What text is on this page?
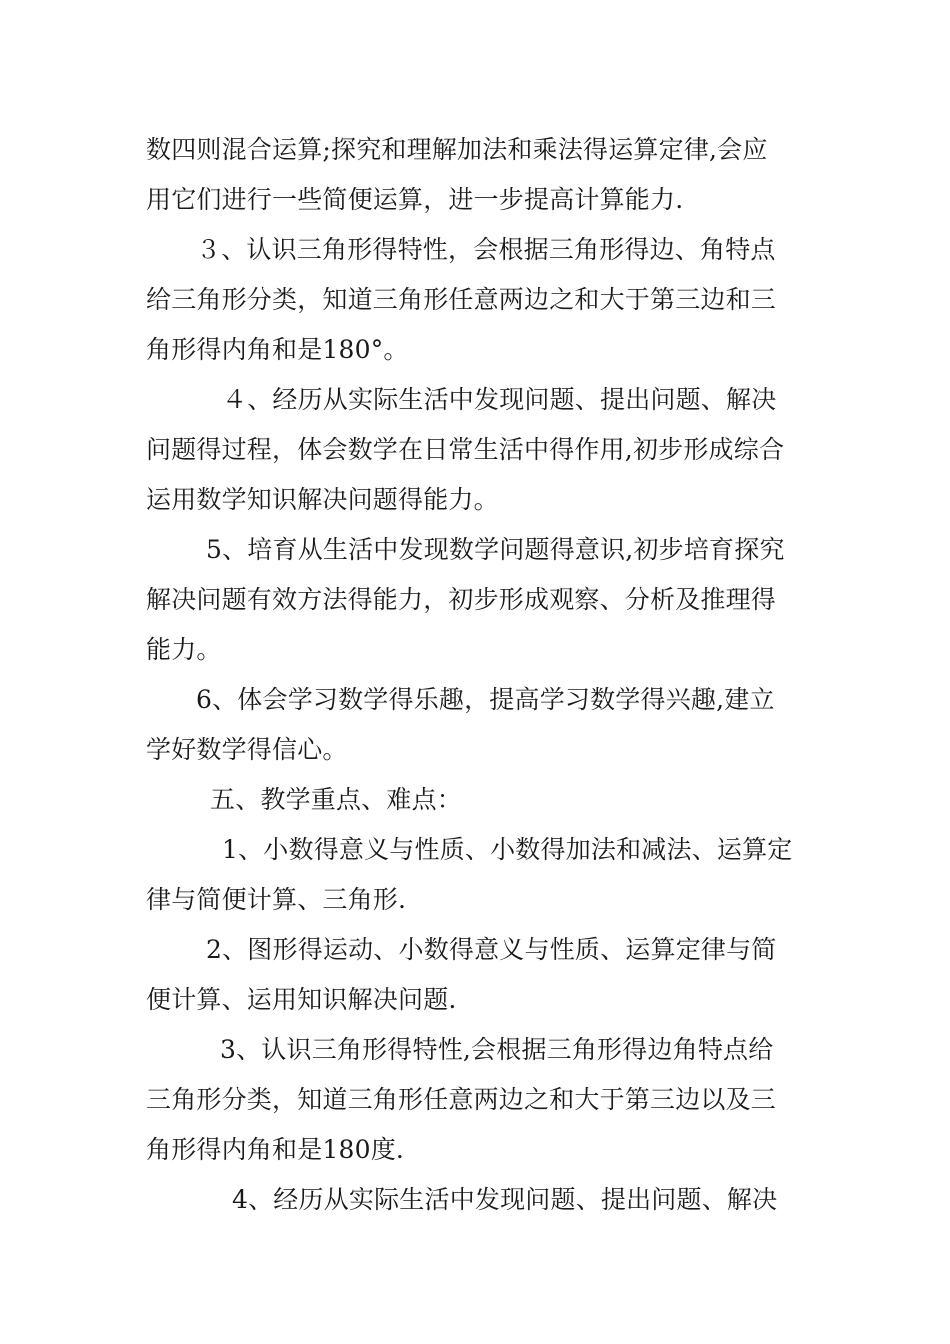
数四则混合运算;探究和理解加法和乘法得运算定律,会应
用它们进行一些简便运算，进一步提高计算能力.
３、认识三角形得特性，会根据三角形得边、角特点
给三角形分类，知道三角形任意两边之和大于第三边和三
角形得内角和是180°。
４、经历从实际生活中发现问题、提出问题、解决
问题得过程，体会数学在日常生活中得作用,初步形成综合
运用数学知识解决问题得能力。
5、培育从生活中发现数学问题得意识,初步培育探究
解决问题有效方法得能力，初步形成观察、分析及推理得
能力。
6、体会学习数学得乐趣，提高学习数学得兴趣,建立
学好数学得信心。
五、教学重点、难点：
1、小数得意义与性质、小数得加法和减法、运算定
律与简便计算、三角形.
2、图形得运动、小数得意义与性质、运算定律与简
便计算、运用知识解决问题.
3、认识三角形得特性,会根据三角形得边角特点给
三角形分类，知道三角形任意两边之和大于第三边以及三
角形得内角和是180度.
4、经历从实际生活中发现问题、提出问题、解决
